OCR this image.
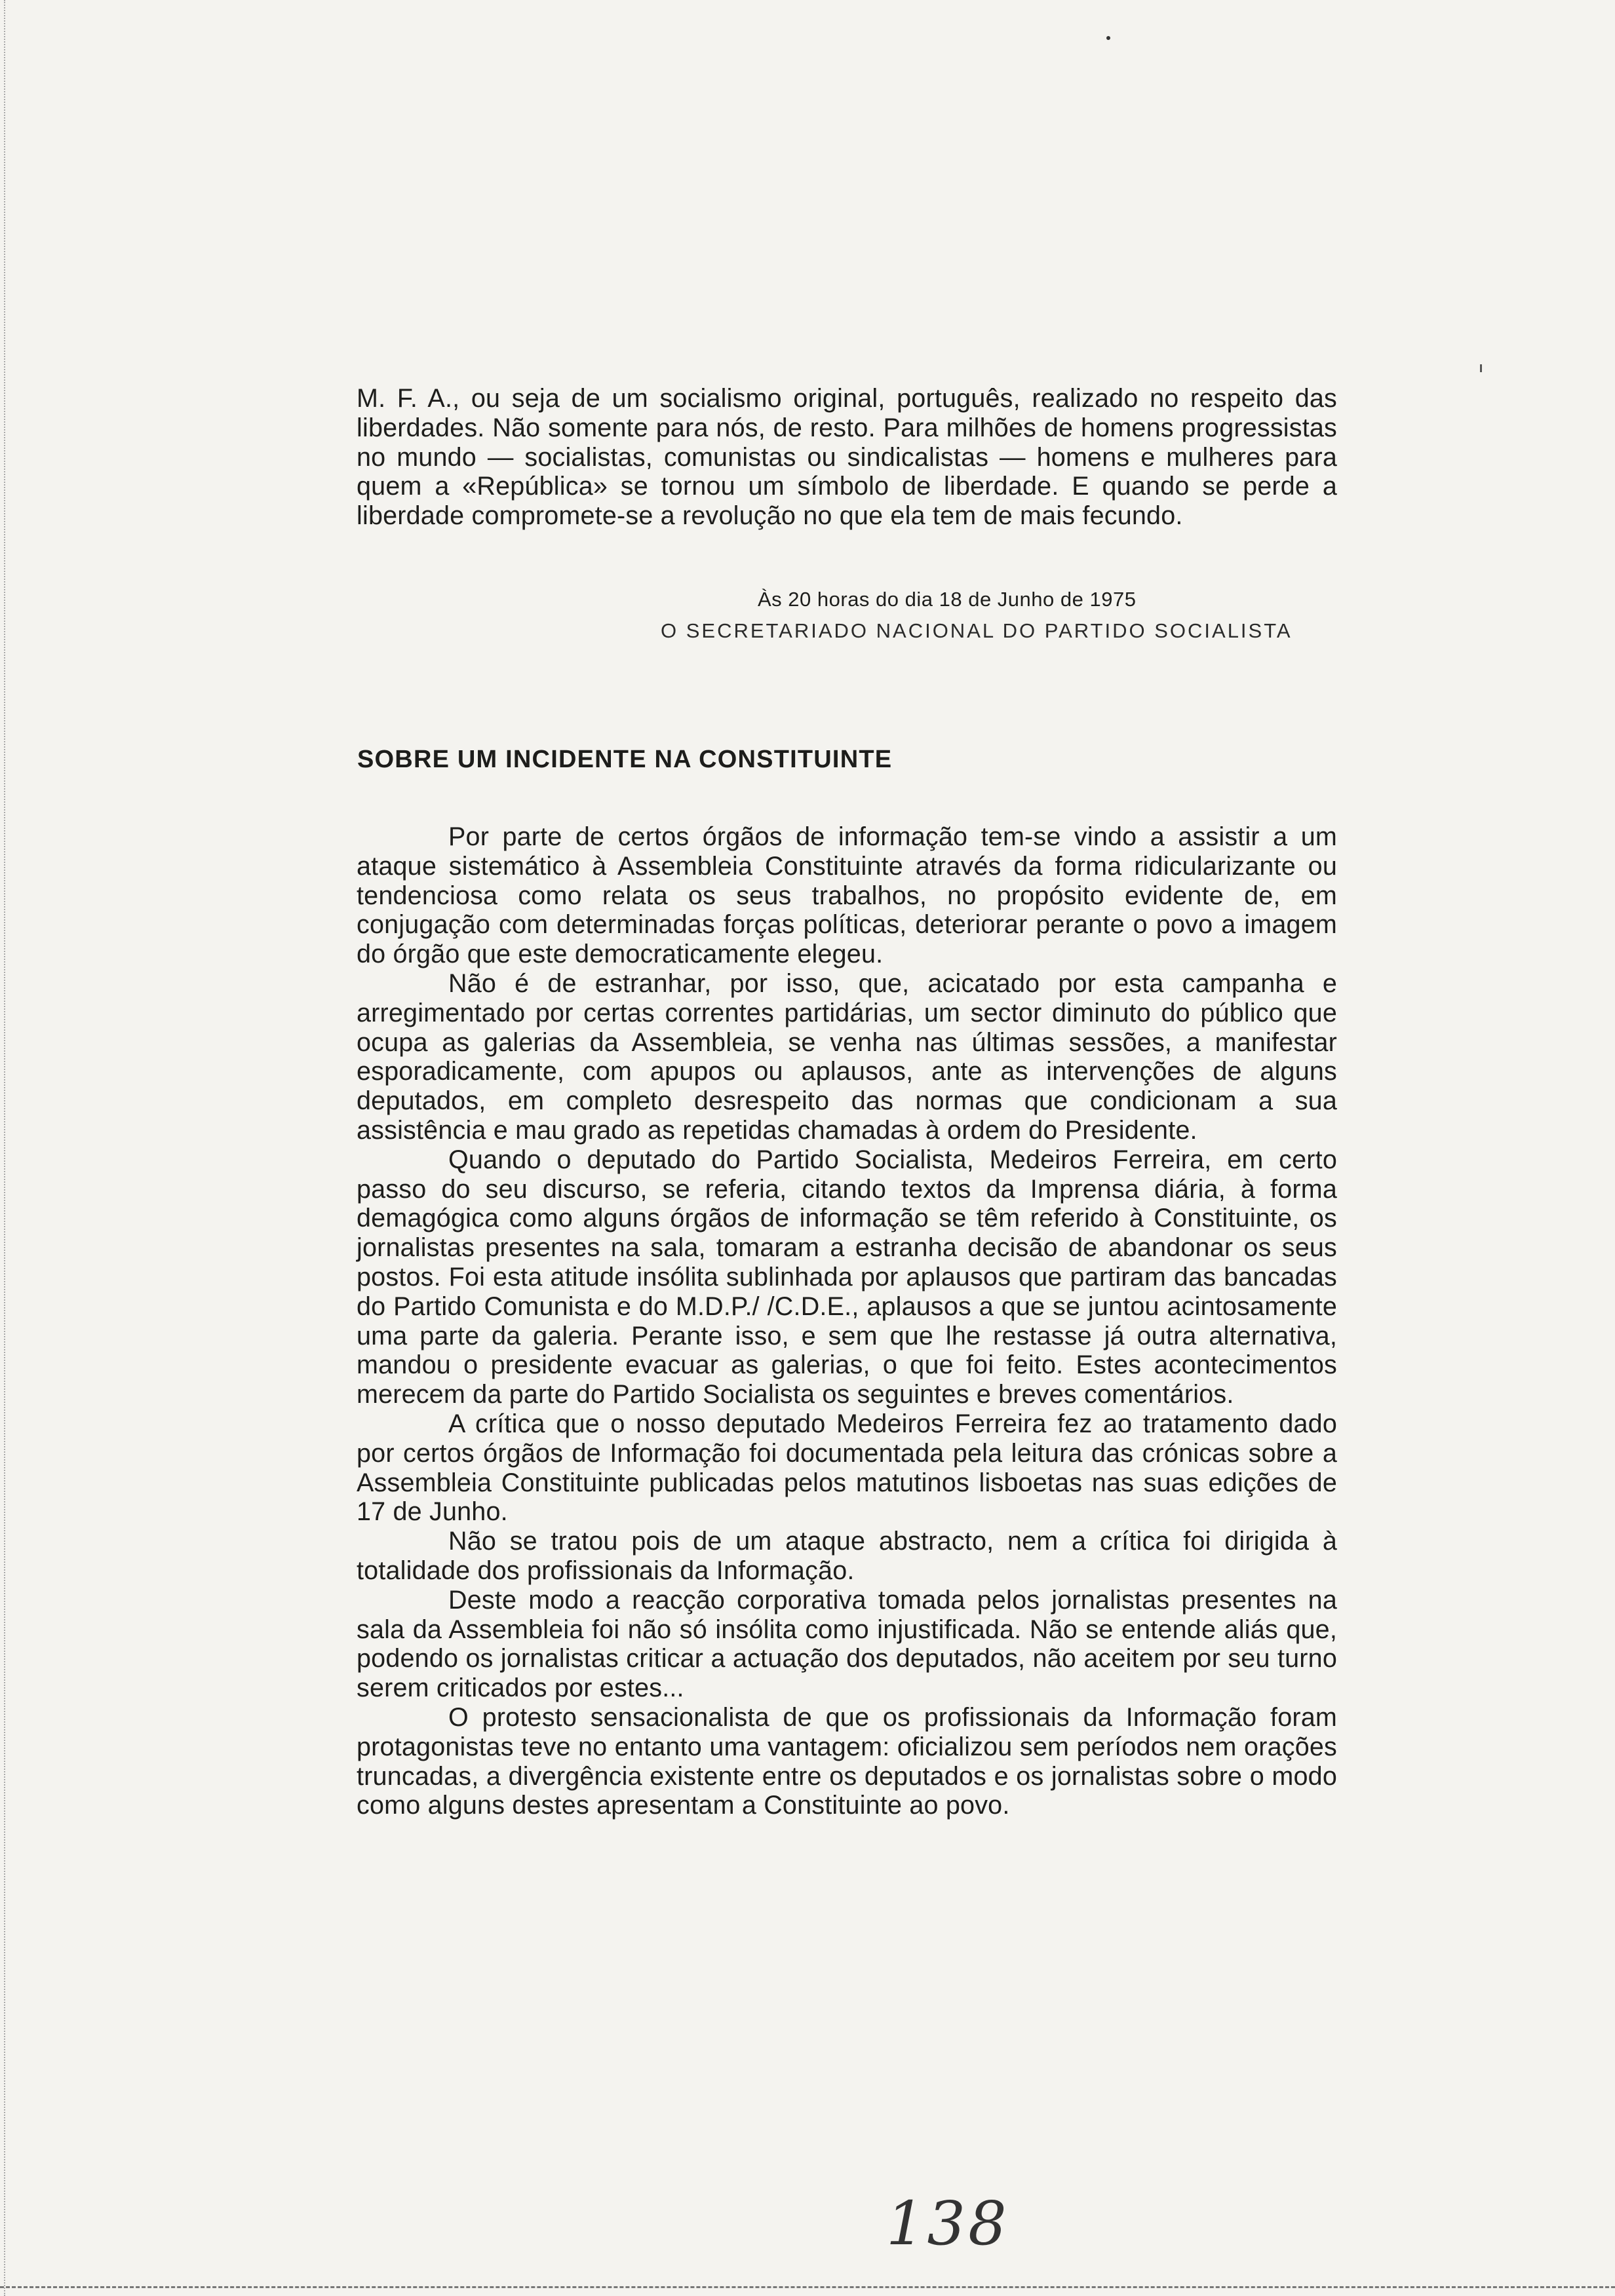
M. F. A., ou seja de um socialismo original, português, realizado no respeito das liberdades. Não somente para nós, de resto. Para milhões de homens progressistas no mundo — socialistas, comunistas ou sindicalistas — homens e mulheres para quem a «República» se tornou um símbolo de liberdade. E quando se perde a liberdade compromete-se a revolução no que ela tem de mais fecundo.

Às 20 horas do dia 18 de Junho de 1975
O SECRETARIADO NACIONAL DO PARTIDO SOCIALISTA
SOBRE UM INCIDENTE NA CONSTITUINTE

Por parte de certos órgãos de informação tem-se vindo a assistir a um ataque sistemático à Assembleia Constituinte através da forma ridicularizante ou tendenciosa como relata os seus trabalhos, no propósito evidente de, em conjugação com determinadas forças políticas, deteriorar perante o povo a imagem do órgão que este democraticamente elegeu.

Não é de estranhar, por isso, que, acicatado por esta campanha e arregimentado por certas correntes partidárias, um sector diminuto do público que ocupa as galerias da Assembleia, se venha nas últimas sessões, a manifestar esporadicamente, com apupos ou aplausos, ante as intervenções de alguns deputados, em completo desrespeito das normas que condicionam a sua assistência e mau grado as repetidas chamadas à ordem do Presidente.

Quando o deputado do Partido Socialista, Medeiros Ferreira, em certo passo do seu discurso, se referia, citando textos da Imprensa diária, à forma demagógica como alguns órgãos de informação se têm referido à Constituinte, os jornalistas presentes na sala, tomaram a estranha decisão de abandonar os seus postos. Foi esta atitude insólita sublinhada por aplausos que partiram das bancadas do Partido Comunista e do M.D.P./ /C.D.E., aplausos a que se juntou acintosamente uma parte da galeria. Perante isso, e sem que lhe restasse já outra alternativa, mandou o presidente evacuar as galerias, o que foi feito. Estes acontecimentos merecem da parte do Partido Socialista os seguintes e breves comentários.

A crítica que o nosso deputado Medeiros Ferreira fez ao tratamento dado por certos órgãos de Informação foi documentada pela leitura das crónicas sobre a Assembleia Constituinte publicadas pelos matutinos lisboetas nas suas edições de 17 de Junho.

Não se tratou pois de um ataque abstracto, nem a crítica foi dirigida à totalidade dos profissionais da Informação.

Deste modo a reacção corporativa tomada pelos jornalistas presentes na sala da Assembleia foi não só insólita como injustificada. Não se entende aliás que, podendo os jornalistas criticar a actuação dos deputados, não aceitem por seu turno serem criticados por estes...

O protesto sensacionalista de que os profissionais da Informação foram protagonistas teve no entanto uma vantagem: oficializou sem períodos nem orações truncadas, a divergência existente entre os deputados e os jornalistas sobre o modo como alguns destes apresentam a Constituinte ao povo.

138
